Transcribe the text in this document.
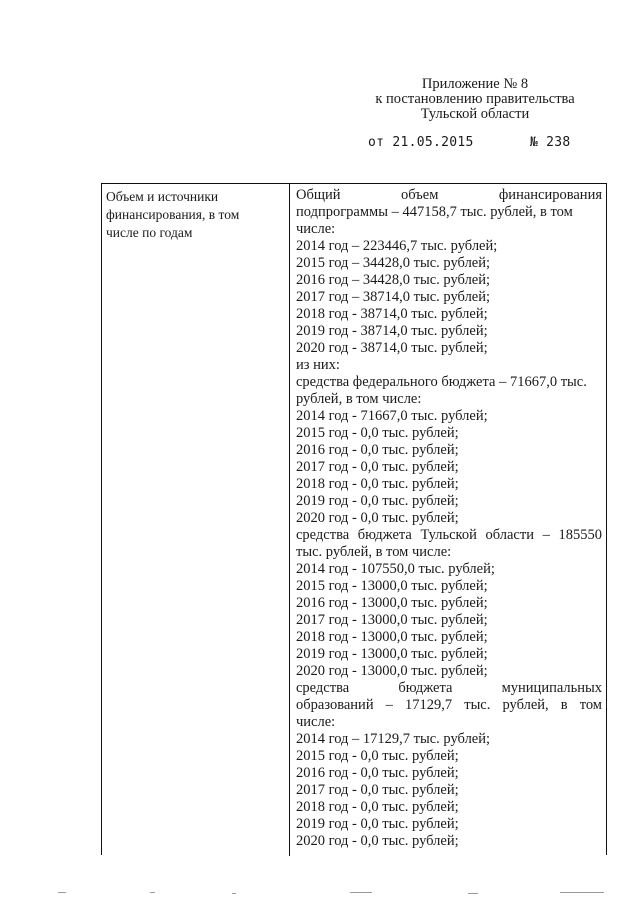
Приложение № 8
к постановлению правительства
Тульской области
от 21.05.2015	№ 238
Объем и источники
финансирования, в том
числе по годам
Общий объем финансирования
подпрограммы – 447158,7 тыс. рублей, в том
числе:
2014 год – 223446,7 тыс. рублей;
2015 год – 34428,0 тыс. рублей;
2016 год – 34428,0 тыс. рублей;
2017 год – 38714,0 тыс. рублей;
2018 год - 38714,0 тыс. рублей;
2019 год - 38714,0 тыс. рублей;
2020 год - 38714,0 тыс. рублей;
из них:
средства федерального бюджета – 71667,0 тыс.
рублей, в том числе:
2014 год - 71667,0 тыс. рублей;
2015 год - 0,0 тыс. рублей;
2016 год - 0,0 тыс. рублей;
2017 год - 0,0 тыс. рублей;
2018 год - 0,0 тыс. рублей;
2019 год - 0,0 тыс. рублей;
2020 год - 0,0 тыс. рублей;
средства бюджета Тульской области – 185550
тыс. рублей, в том числе:
2014 год - 107550,0 тыс. рублей;
2015 год - 13000,0 тыс. рублей;
2016 год - 13000,0 тыс. рублей;
2017 год - 13000,0 тыс. рублей;
2018 год - 13000,0 тыс. рублей;
2019 год - 13000,0 тыс. рублей;
2020 год - 13000,0 тыс. рублей;
средства бюджета муниципальных
образований – 17129,7 тыс. рублей, в том
числе:
2014 год – 17129,7 тыс. рублей;
2015 год - 0,0 тыс. рублей;
2016 год - 0,0 тыс. рублей;
2017 год - 0,0 тыс. рублей;
2018 год - 0,0 тыс. рублей;
2019 год - 0,0 тыс. рублей;
2020 год - 0,0 тыс. рублей;
